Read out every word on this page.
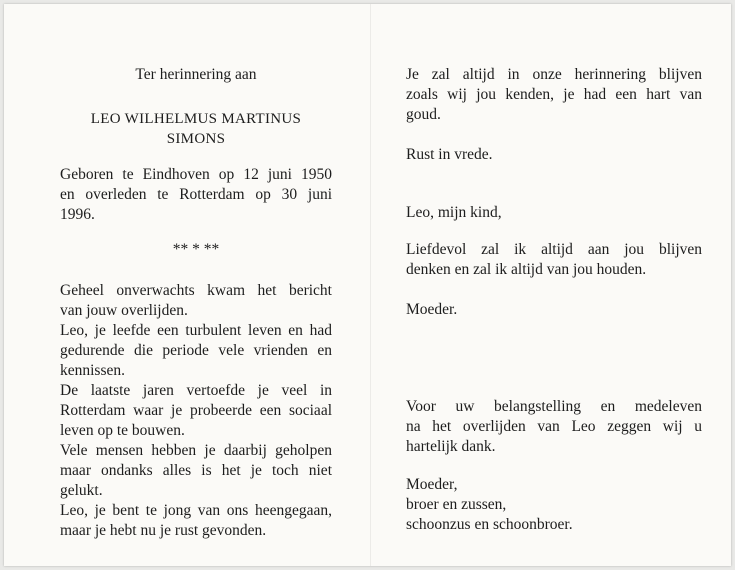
Ter herinnering aan
LEO WILHELMUS MARTINUS
SIMONS
Geboren te Eindhoven op 12 juni 1950
en overleden te Rotterdam op 30 juni
1996.
** * **
Geheel onverwachts kwam het bericht
van jouw overlijden.
Leo, je leefde een turbulent leven en had
gedurende die periode vele vrienden en
kennissen.
De laatste jaren vertoefde je veel in
Rotterdam waar je probeerde een sociaal
leven op te bouwen.
Vele mensen hebben je daarbij geholpen
maar ondanks alles is het je toch niet
gelukt.
Leo, je bent te jong van ons heengegaan,
maar je hebt nu je rust gevonden.
Je zal altijd in onze herinnering blijven
zoals wij jou kenden, je had een hart van
goud.
Rust in vrede.
Leo, mijn kind,
Liefdevol zal ik altijd aan jou blijven
denken en zal ik altijd van jou houden.
Moeder.
Voor uw belangstelling en medeleven
na het overlijden van Leo zeggen wij u
hartelijk dank.
Moeder,
broer en zussen,
schoonzus en schoonbroer.
